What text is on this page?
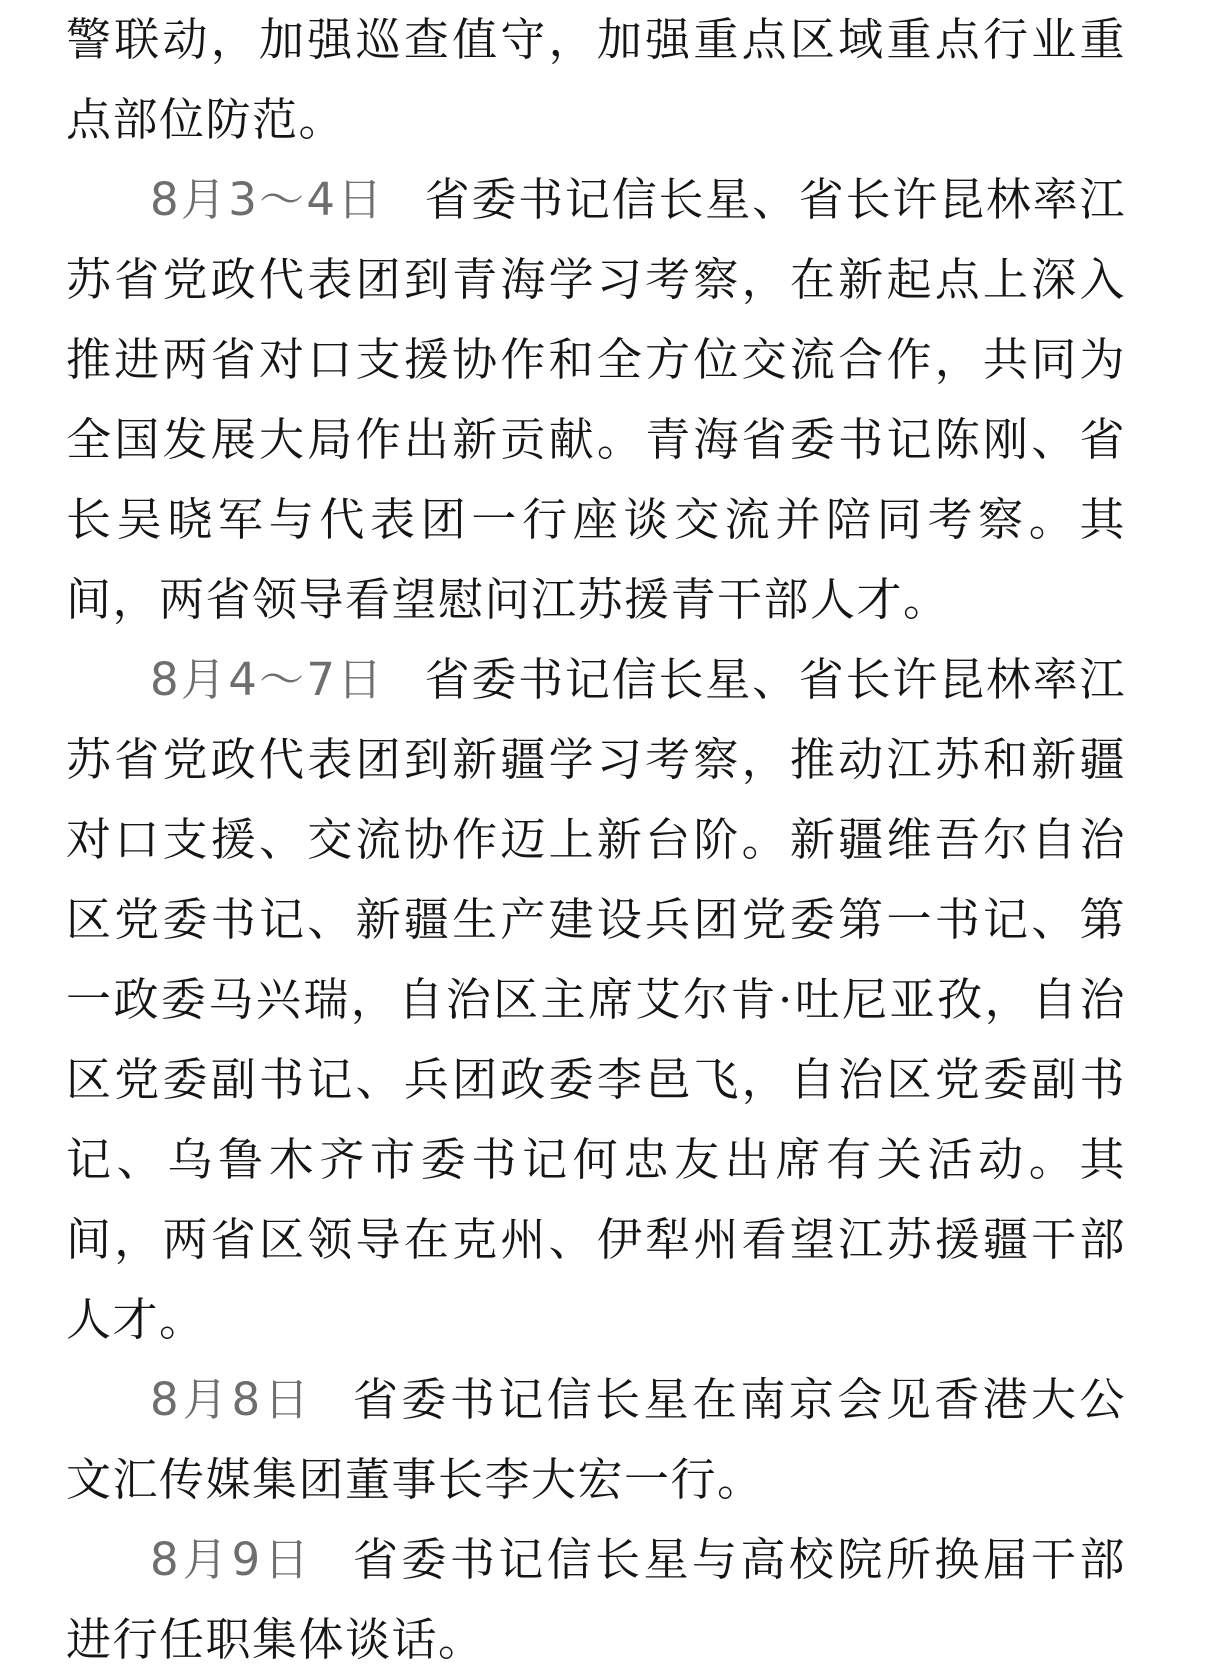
警联动，加强巡查值守，加强重点区域重点行业重点部位防范。

8月3～4日 省委书记信长星、省长许昆林率江苏省党政代表团到青海学习考察，在新起点上深入推进两省对口支援协作和全方位交流合作，共同为全国发展大局作出新贡献。青海省委书记陈刚、省长吴晓军与代表团一行座谈交流并陪同考察。其间，两省领导看望慰问江苏援青干部人才。

8月4～7日 省委书记信长星、省长许昆林率江苏省党政代表团到新疆学习考察，推动江苏和新疆对口支援、交流协作迈上新台阶。新疆维吾尔自治区党委书记、新疆生产建设兵团党委第一书记、第一政委马兴瑞，自治区主席艾尔肯·吐尼亚孜，自治区党委副书记、兵团政委李邑飞，自治区党委副书记、乌鲁木齐市委书记何忠友出席有关活动。其间，两省区领导在克州、伊犁州看望江苏援疆干部人才。

8月8日 省委书记信长星在南京会见香港大公文汇传媒集团董事长李大宏一行。

8月9日 省委书记信长星与高校院所换届干部进行任职集体谈话。
